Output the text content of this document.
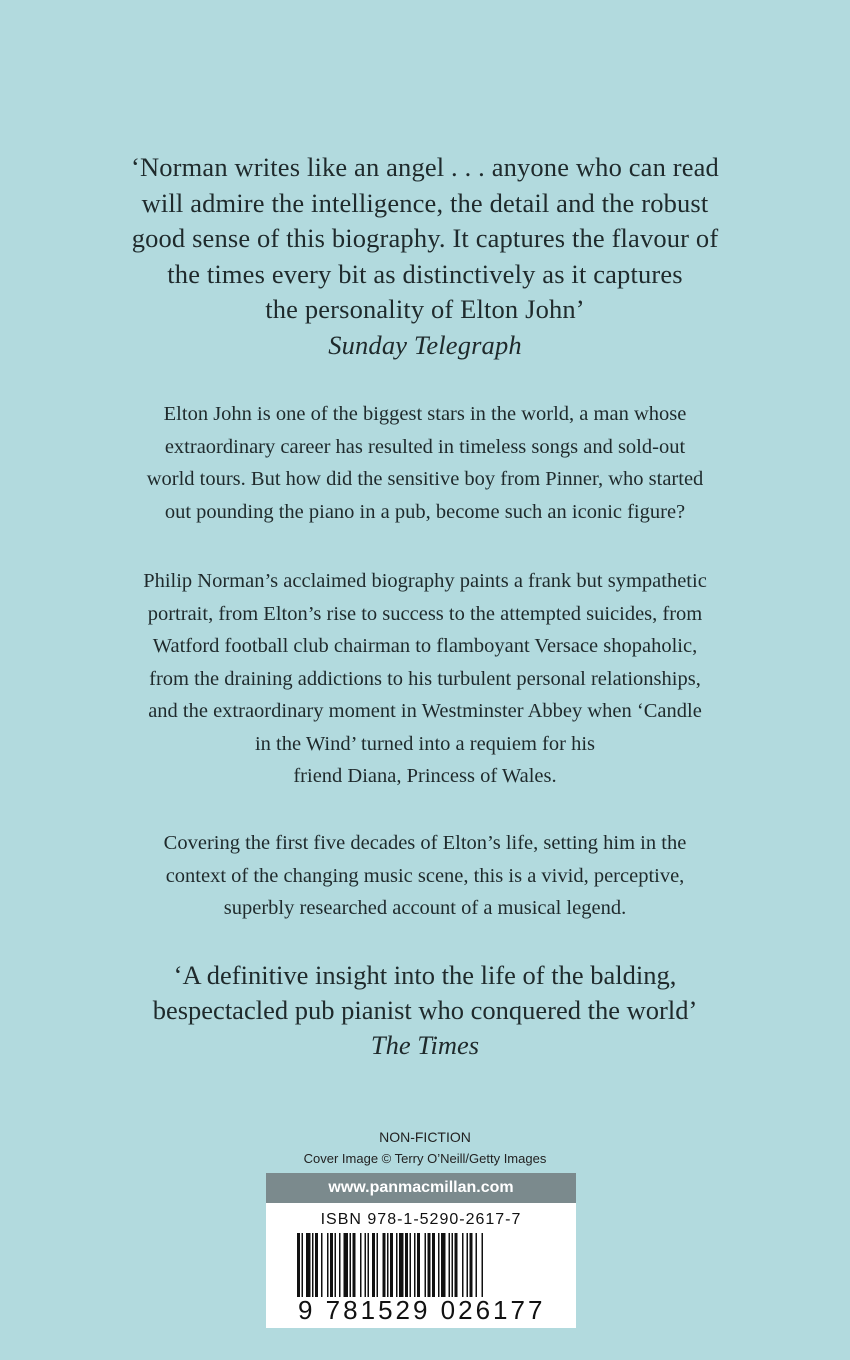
‘Norman writes like an angel . . . anyone who can read
will admire the intelligence, the detail and the robust
good sense of this biography. It captures the flavour of
the times every bit as distinctively as it captures
the personality of Elton John’
Sunday Telegraph
Elton John is one of the biggest stars in the world, a man whose
extraordinary career has resulted in timeless songs and sold-out
world tours. But how did the sensitive boy from Pinner, who started
out pounding the piano in a pub, become such an iconic figure?
Philip Norman’s acclaimed biography paints a frank but sympathetic
portrait, from Elton’s rise to success to the attempted suicides, from
Watford football club chairman to flamboyant Versace shopaholic,
from the draining addictions to his turbulent personal relationships,
and the extraordinary moment in Westminster Abbey when ‘Candle
in the Wind’ turned into a requiem for his
friend Diana, Princess of Wales.
Covering the first five decades of Elton’s life, setting him in the
context of the changing music scene, this is a vivid, perceptive,
superbly researched account of a musical legend.
‘A definitive insight into the life of the balding,
bespectacled pub pianist who conquered the world’
The Times
NON-FICTION
Cover Image © Terry O’Neill/Getty Images
www.panmacmillan.com
ISBN 978-1-5290-2617-7
9 781529 026177
